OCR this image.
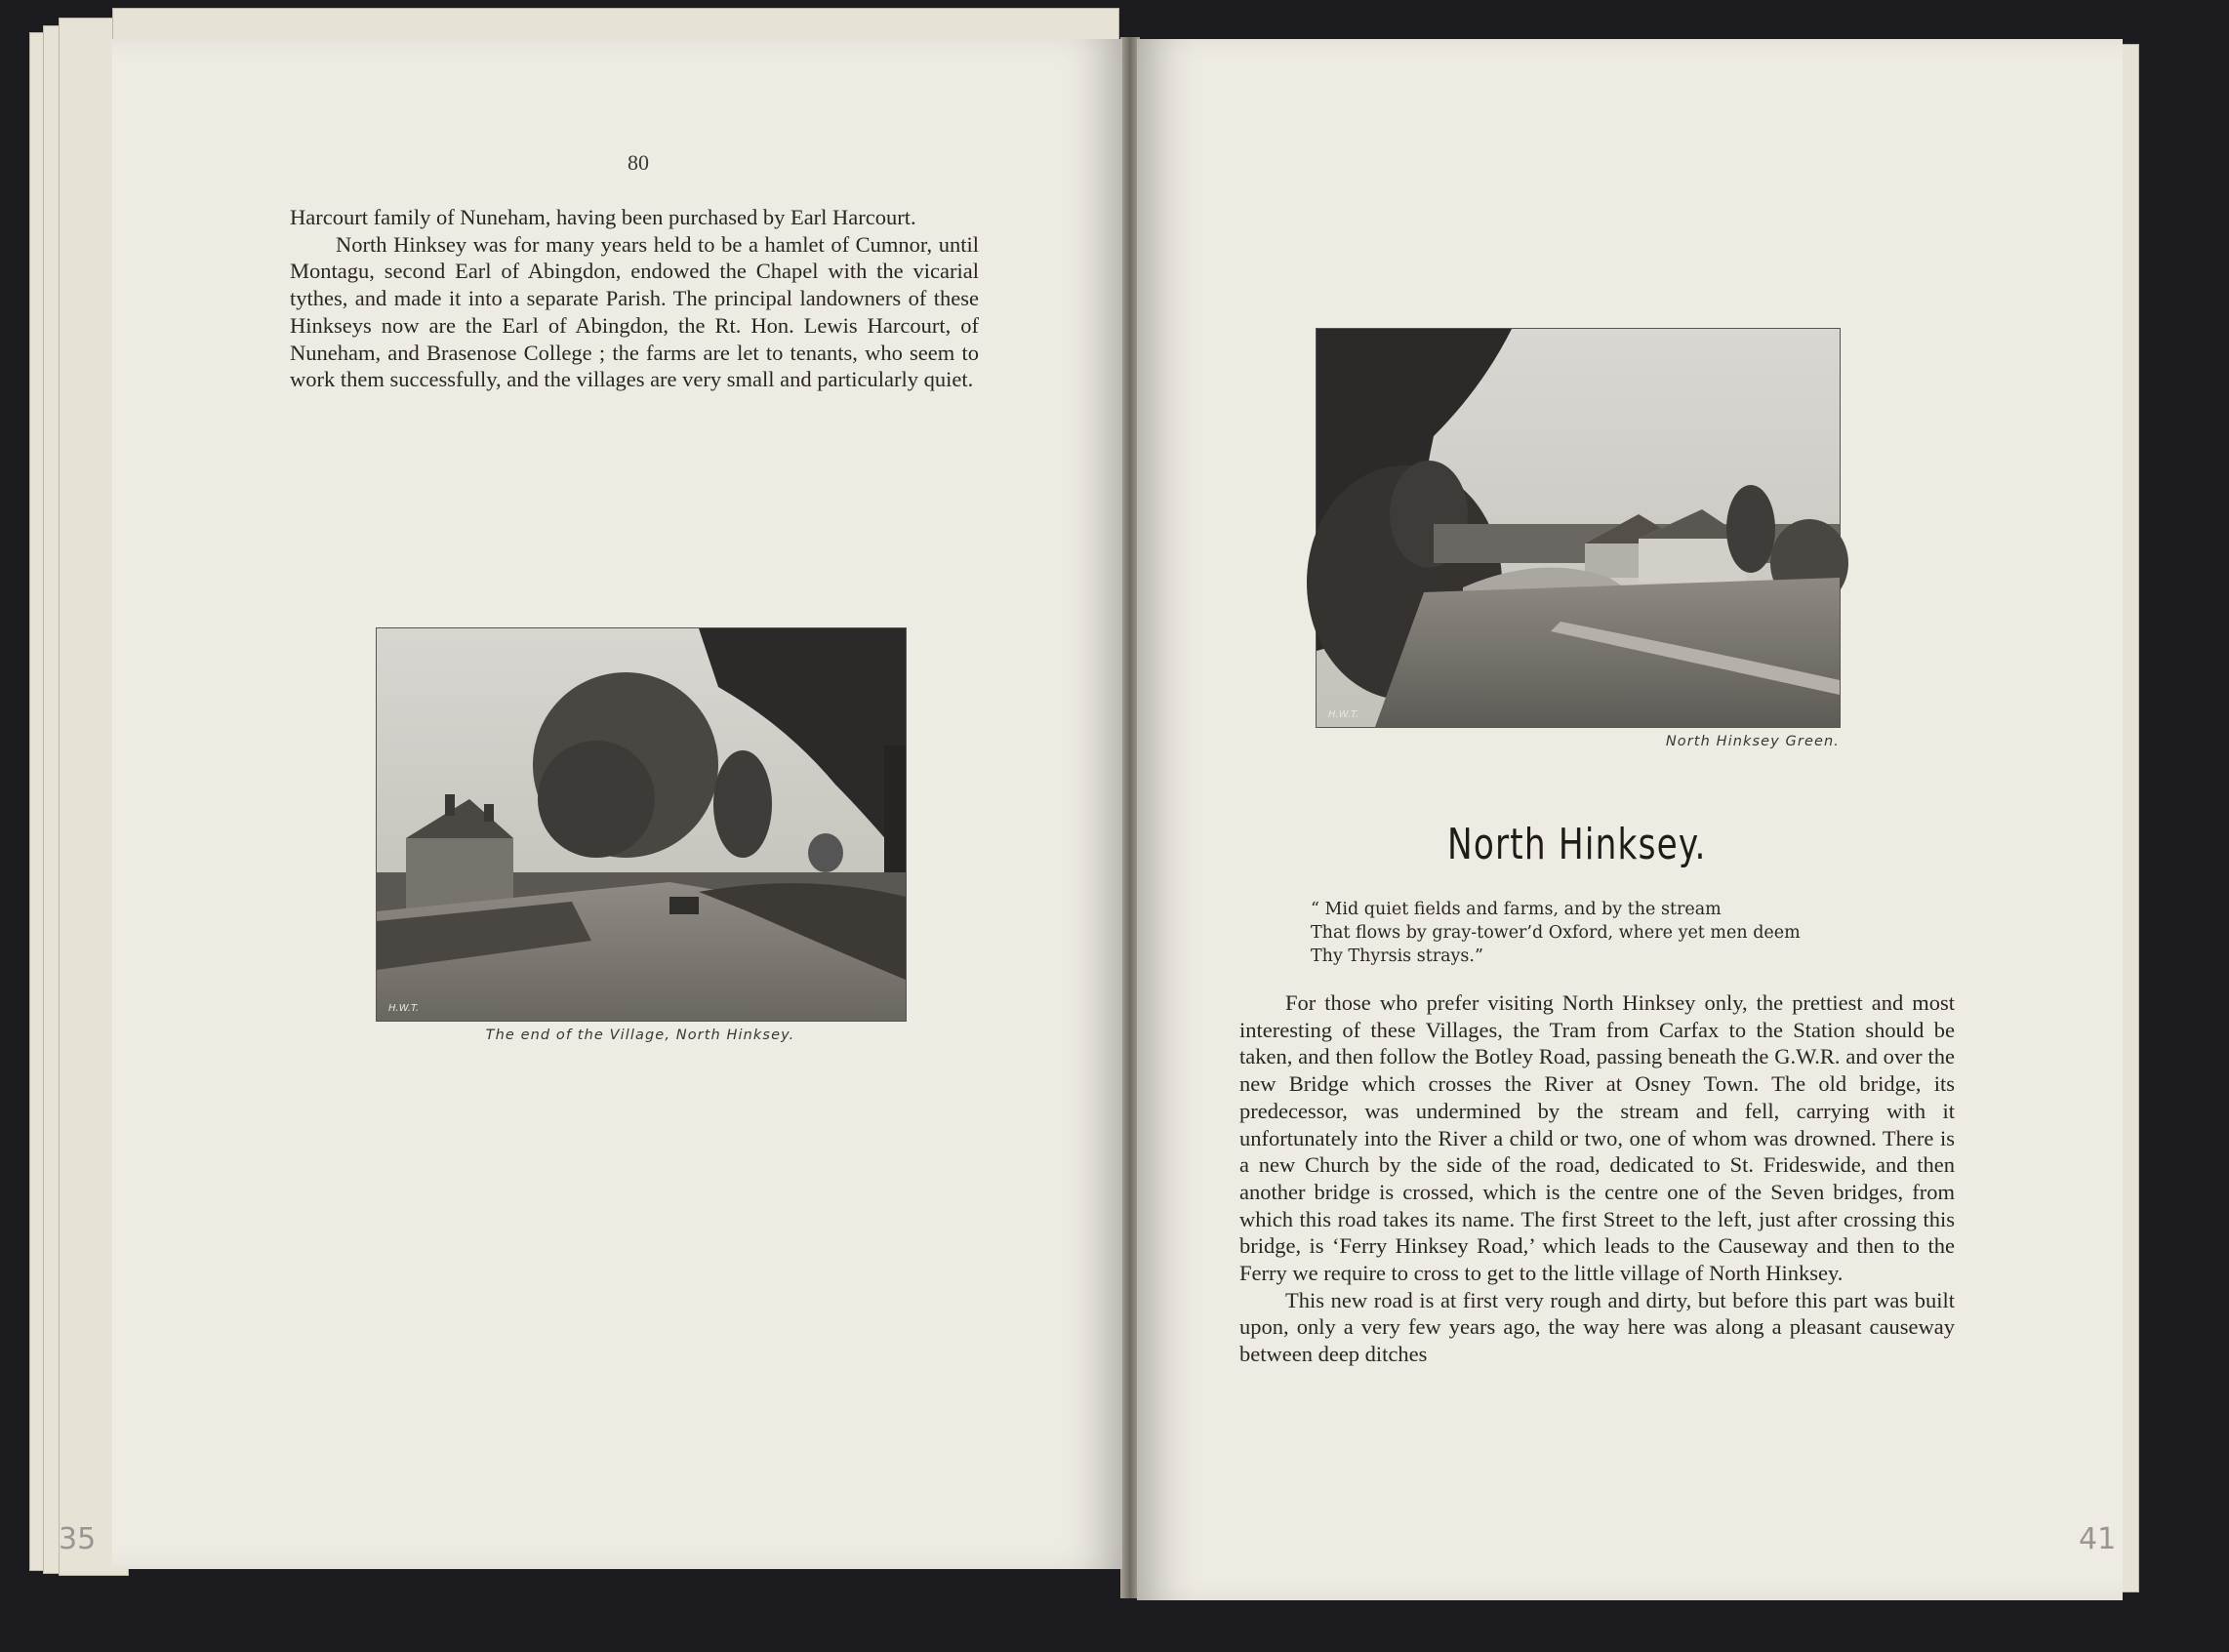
80

Harcourt family of Nuneham, having been purchased by Earl Harcourt.

North Hinksey was for many years held to be a hamlet of Cumnor, until Montagu, second Earl of Abingdon, endowed the Chapel with the vicarial tythes, and made it into a separate Parish. The principal landowners of these Hinkseys now are the Earl of Abingdon, the Rt. Hon. Lewis Harcourt, of Nuneham, and Brasenose College ; the farms are let to tenants, who seem to work them successfully, and the villages are very small and particularly quiet.

H.W.T.
The end of the Village, North Hinksey.
35
H.W.T.
North Hinksey Green.
North Hinksey.
“ Mid quiet fields and farms, and by the stream
That flows by gray-tower’d Oxford, where yet men deem
Thy Thyrsis strays.”

For those who prefer visiting North Hinksey only, the prettiest and most interesting of these Villages, the Tram from Carfax to the Station should be taken, and then follow the Botley Road, passing beneath the G.W.R. and over the new Bridge which crosses the River at Osney Town. The old bridge, its predecessor, was undermined by the stream and fell, carrying with it unfortunately into the River a child or two, one of whom was drowned. There is a new Church by the side of the road, dedicated to St. Frideswide, and then another bridge is crossed, which is the centre one of the Seven bridges, from which this road takes its name. The first Street to the left, just after crossing this bridge, is ‘Ferry Hinksey Road,’ which leads to the Causeway and then to the Ferry we require to cross to get to the little village of North Hinksey.

This new road is at first very rough and dirty, but before this part was built upon, only a very few years ago, the way here was along a pleasant causeway between deep ditches

41
